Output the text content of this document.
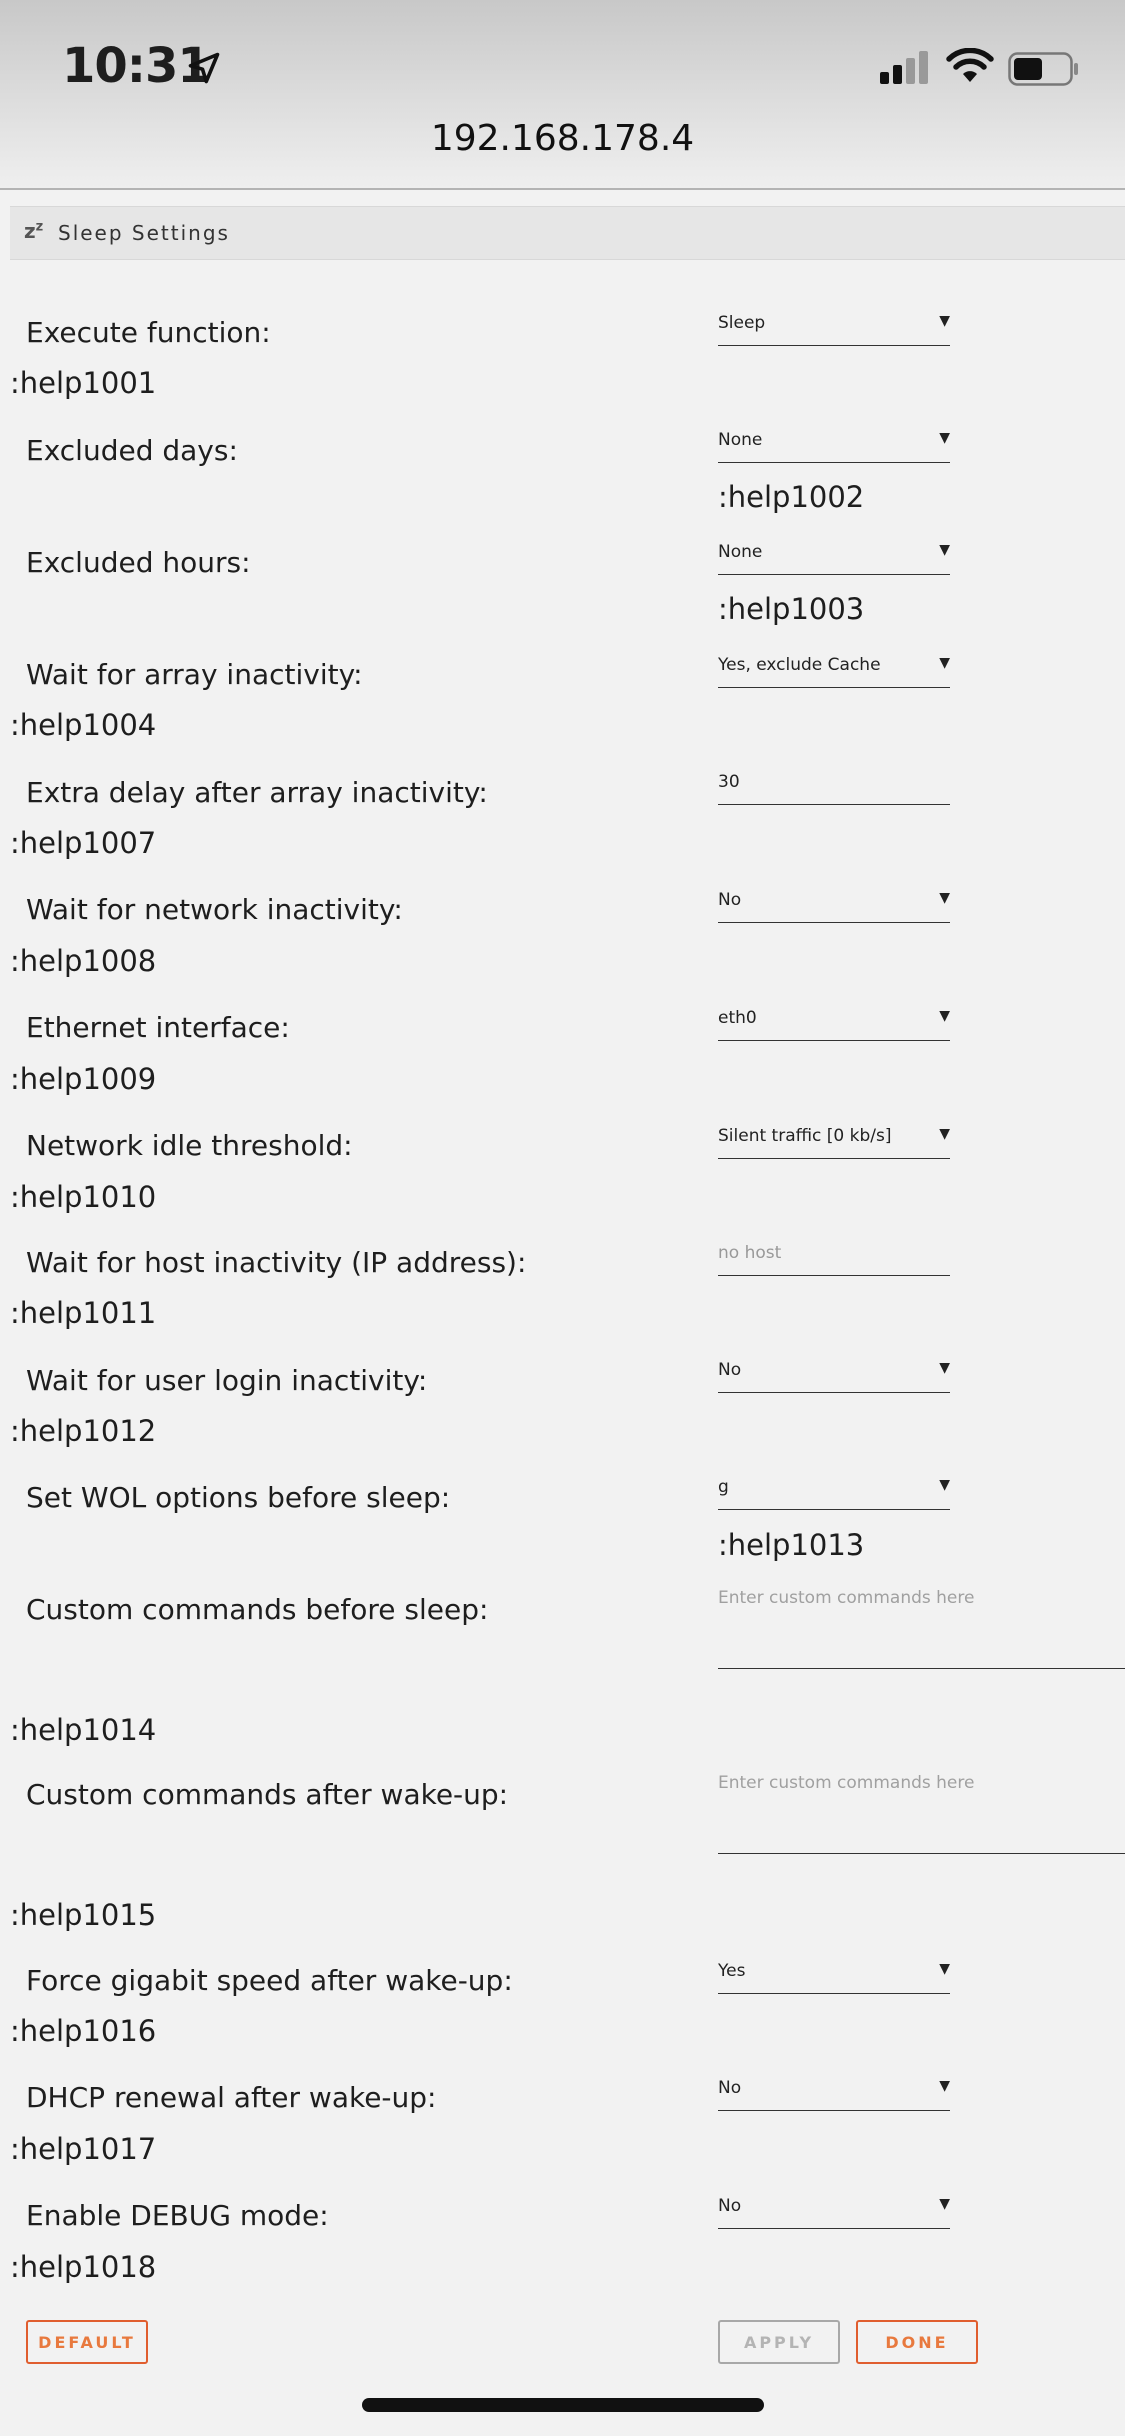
10:31
192.168.178.4
$z^z$ Sleep Settings
Execute function:	Sleep	▼
:help1001
Excluded days:	None	▼
:help1002
Excluded hours:	None	▼
:help1003
Wait for array inactivity:	Yes, exclude Cache	▼
:help1004
Extra delay after array inactivity:	30
:help1007
Wait for network inactivity:	No	▼
:help1008
Ethernet interface:	eth0	▼
:help1009
Network idle threshold:	Silent traffic [0 kb/s]	▼
:help1010
Wait for host inactivity (IP address):	no host
:help1011
Wait for user login inactivity:	No	▼
:help1012
Set WOL options before sleep:	g	▼
:help1013
Custom commands before sleep:	Enter custom commands here
:help1014
Custom commands after wake-up:	Enter custom commands here
:help1015
Force gigabit speed after wake-up:	Yes	▼
:help1016
DHCP renewal after wake-up:	No	▼
:help1017
Enable DEBUG mode:	No	▼
:help1018
DEFAULT	APPLY	DONE
